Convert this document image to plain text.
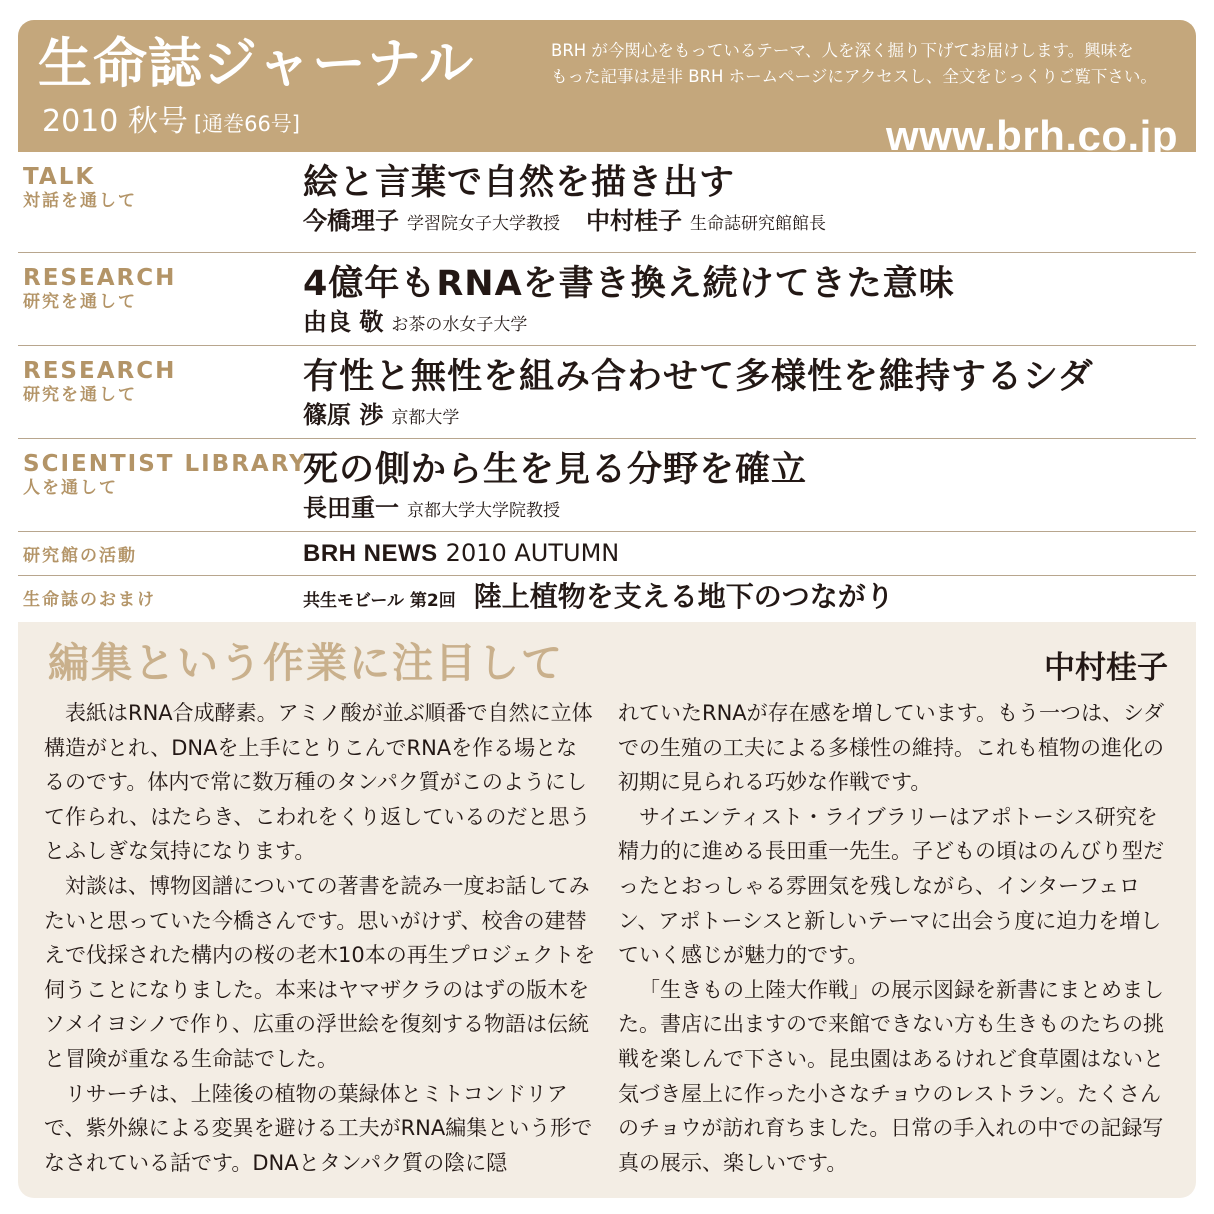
生命誌ジャーナル
2010 秋号 [通巻66号]
BRH が今関心をもっているテーマ、人を深く掘り下げてお届けします。興味を
もった記事は是非 BRH ホームページにアクセスし、全文をじっくりご覧下さい。
www.brh.co.jp
TALK
対話を通して	絵と言葉で自然を描き出す
今橋理子 学習院女子大学教授 中村桂子 生命誌研究館館長
RESEARCH
研究を通して	4億年もRNAを書き換え続けてきた意味
由良 敬 お茶の水女子大学
RESEARCH
研究を通して	有性と無性を組み合わせて多様性を維持するシダ
篠原 渉 京都大学
SCIENTIST LIBRARY
人を通して	死の側から生を見る分野を確立
長田重一 京都大学大学院教授
研究館の活動	BRH NEWS 2010 AUTUMN
生命誌のおまけ	共生モビール 第2回 陸上植物を支える地下のつながり
編集という作業に注目して	中村桂子

表紙はRNA合成酵素。アミノ酸が並ぶ順番で自然に立体構造がとれ、DNAを上手にとりこんでRNAを作る場となるのです。体内で常に数万種のタンパク質がこのようにして作られ、はたらき、こわれをくり返しているのだと思うとふしぎな気持になります。

対談は、博物図譜についての著書を読み一度お話してみたいと思っていた今橋さんです。思いがけず、校舎の建替えで伐採された構内の桜の老木10本の再生プロジェクトを伺うことになりました。本来はヤマザクラのはずの版木をソメイヨシノで作り、広重の浮世絵を復刻する物語は伝統と冒険が重なる生命誌でした。

リサーチは、上陸後の植物の葉緑体とミトコンドリアで、紫外線による変異を避ける工夫がRNA編集という形でなされている話です。DNAとタンパク質の陰に隠

れていたRNAが存在感を増しています。もう一つは、シダでの生殖の工夫による多様性の維持。これも植物の進化の初期に見られる巧妙な作戦です。

サイエンティスト・ライブラリーはアポトーシス研究を精力的に進める長田重一先生。子どもの頃はのんびり型だったとおっしゃる雰囲気を残しながら、インターフェロン、アポトーシスと新しいテーマに出会う度に迫力を増していく感じが魅力的です。

「生きもの上陸大作戦」の展示図録を新書にまとめました。書店に出ますので来館できない方も生きものたちの挑戦を楽しんで下さい。昆虫園はあるけれど食草園はないと気づき屋上に作った小さなチョウのレストラン。たくさんのチョウが訪れ育ちました。日常の手入れの中での記録写真の展示、楽しいです。
